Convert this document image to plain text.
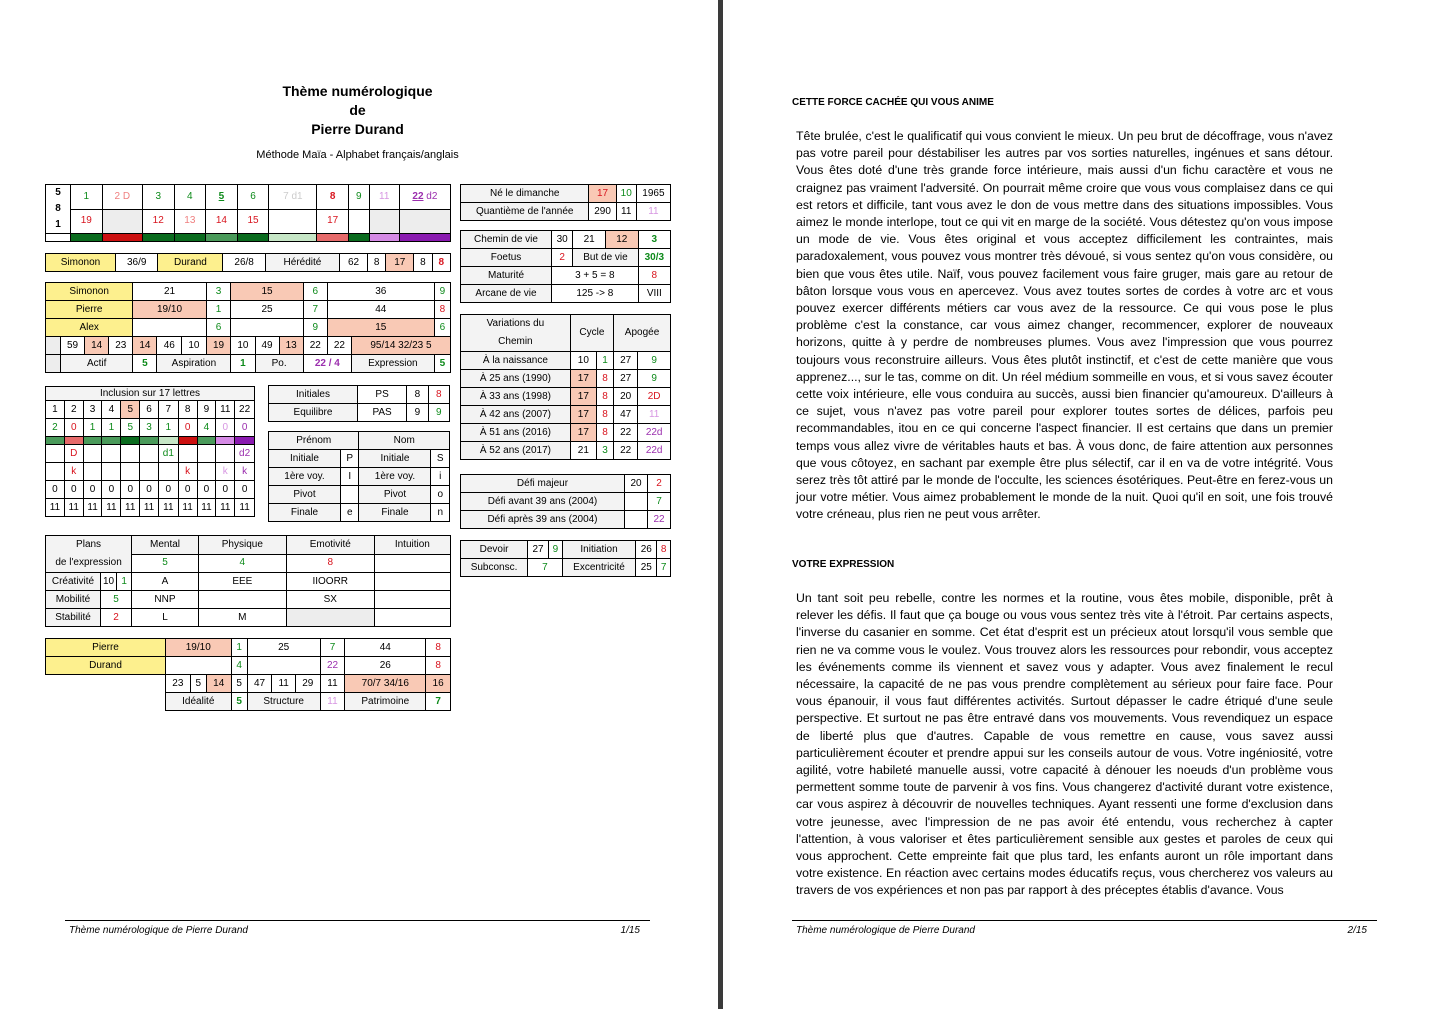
Thème numérologique
de
Pierre Durand
Méthode Maïa - Alphabet français/anglais
5
8
1	1	2 D	3	4	5	6	7 d1	8	9	11	22 d2
	19		12	13	14	15		17			

Simonon	36/9	Durand	26/8	Hérédité	62	8	17	8	8
Simonon				21			3	15			6	36		9
Pierre				19/10			1	25			7	44		8
Alex							6				9	15		6
	59	14	23	14	46	10	19	10	49	13	22	22	95/14 32/23 5	
	Actif			5	Aspiration			1	Po.		22 / 4		Expression	5
Inclusion sur 17 lettres										
1	2	3	4	5	6	7	8	9	11	22
2	0	1	1	5	3	1	0	4	0	0

	D					d1				d2
	k						k		k	k
0	0	0	0	0	0	0	0	0	0	0
11	11	11	11	11	11	11	11	11	11	11
Initiales	PS	8	8
Equilibre	PAS	9	9
Prénom		Nom	
Initiale	P	Initiale	S
1ère voy.	I	1ère voy.	i
Pivot		Pivot	o
Finale	e	Finale	n
Plans
de l'expression			Mental	Physique	Emotivité	Intuition
			5	4	8	
Créativité	10	1	A	EEE	IIOORR	
Mobilité	5		NNP		SX	
Stabilité	2		L	M		
Pierre	19/10			1	25			7	44	8
Durand				4				22	26	8
	23	5	14	5	47	11	29	11	70/7 34/16	16
	Idéalité			5	Structure			11	Patrimoine	7
Né le dimanche	17	10	1965
Quantième de l'année	290	11	11
Chemin de vie	30	21	12	3
Foetus	2	But de vie		30/3
Maturité	3 + 5 = 8			8
Arcane de vie	125 -> 8			VIII
Variations du
Chemin	Cycle		Apogée	
À la naissance	10	1	27	9
À 25 ans (1990)	17	8	27	9
À 33 ans (1998)	17	8	20	2D
À 42 ans (2007)	17	8	47	11
À 51 ans (2016)	17	8	22	22d
À 52 ans (2017)	21	3	22	22d
Défi majeur	20	2
Défi avant 39 ans (2004)		7
Défi après 39 ans (2004)		22
Devoir	27	9	Initiation	26	8
Subconsc.	7		Excentricité	25	7
Thème numérologique de Pierre Durand	1/15
CETTE FORCE CACHÉE QUI VOUS ANIME
Tête brulée, c'est le qualificatif qui vous convient le mieux. Un peu brut de décoffrage, vous n'avez pas votre pareil pour déstabiliser les autres par vos sorties naturelles, ingénues et sans détour. Vous êtes doté d'une très grande force intérieure, mais aussi d'un fichu caractère et vous ne craignez pas vraiment l'adversité. On pourrait même croire que vous vous complaisez dans ce qui est retors et difficile, tant vous avez le don de vous mettre dans des situations impossibles. Vous aimez le monde interlope, tout ce qui vit en marge de la société. Vous détestez qu'on vous impose un mode de vie. Vous êtes original et vous acceptez difficilement les contraintes, mais paradoxalement, vous pouvez vous montrer très dévoué, si vous sentez qu'on vous considère, ou bien que vous êtes utile. Naïf, vous pouvez facilement vous faire gruger, mais gare au retour de bâton lorsque vous vous en apercevez. Vous avez toutes sortes de cordes à votre arc et vous pouvez exercer différents métiers car vous avez de la ressource. Ce qui vous pose le plus problème c'est la constance, car vous aimez changer, recommencer, explorer de nouveaux horizons, quitte à y perdre de nombreuses plumes. Vous avez l'impression que vous pourrez toujours vous reconstruire ailleurs. Vous êtes plutôt instinctif, et c'est de cette manière que vous apprenez..., sur le tas, comme on dit. Un réel médium sommeille en vous, et si vous savez écouter cette voix intérieure, elle vous conduira au succès, aussi bien financier qu'amoureux. D'ailleurs à ce sujet, vous n'avez pas votre pareil pour explorer toutes sortes de délices, parfois peu recommandables, itou en ce qui concerne l'aspect financier. Il est certains que dans un premier temps vous allez vivre de véritables hauts et bas. À vous donc, de faire attention aux personnes que vous côtoyez, en sachant par exemple être plus sélectif, car il en va de votre intégrité. Vous serez très tôt attiré par le monde de l'occulte, les sciences ésotériques. Peut-être en ferez-vous un jour votre métier. Vous aimez probablement le monde de la nuit. Quoi qu'il en soit, une fois trouvé votre créneau, plus rien ne peut vous arrêter.
VOTRE EXPRESSION
Un tant soit peu rebelle, contre les normes et la routine, vous êtes mobile, disponible, prêt à relever les défis. Il faut que ça bouge ou vous vous sentez très vite à l'étroit. Par certains aspects, l'inverse du casanier en somme. Cet état d'esprit est un précieux atout lorsqu'il vous semble que rien ne va comme vous le voulez. Vous trouvez alors les ressources pour rebondir, vous acceptez les événements comme ils viennent et savez vous y adapter. Vous avez finalement le recul nécessaire, la capacité de ne pas vous prendre complètement au sérieux pour faire face. Pour vous épanouir, il vous faut différentes activités. Surtout dépasser le cadre étriqué d'une seule perspective. Et surtout ne pas être entravé dans vos mouvements. Vous revendiquez un espace de liberté plus que d'autres. Capable de vous remettre en cause, vous savez aussi particulièrement écouter et prendre appui sur les conseils autour de vous. Votre ingéniosité, votre agilité, votre habileté manuelle aussi, votre capacité à dénouer les noeuds d'un problème vous permettent somme toute de parvenir à vos fins. Vous changerez d'activité durant votre existence, car vous aspirez à découvrir de nouvelles techniques. Ayant ressenti une forme d'exclusion dans votre jeunesse, avec l'impression de ne pas avoir été entendu, vous recherchez à capter l'attention, à vous valoriser et êtes particulièrement sensible aux gestes et paroles de ceux qui vous approchent. Cette empreinte fait que plus tard, les enfants auront un rôle important dans votre existence. En réaction avec certains modes éducatifs reçus, vous chercherez vos valeurs au travers de vos expériences et non pas par rapport à des préceptes établis d'avance. Vous
Thème numérologique de Pierre Durand	2/15
